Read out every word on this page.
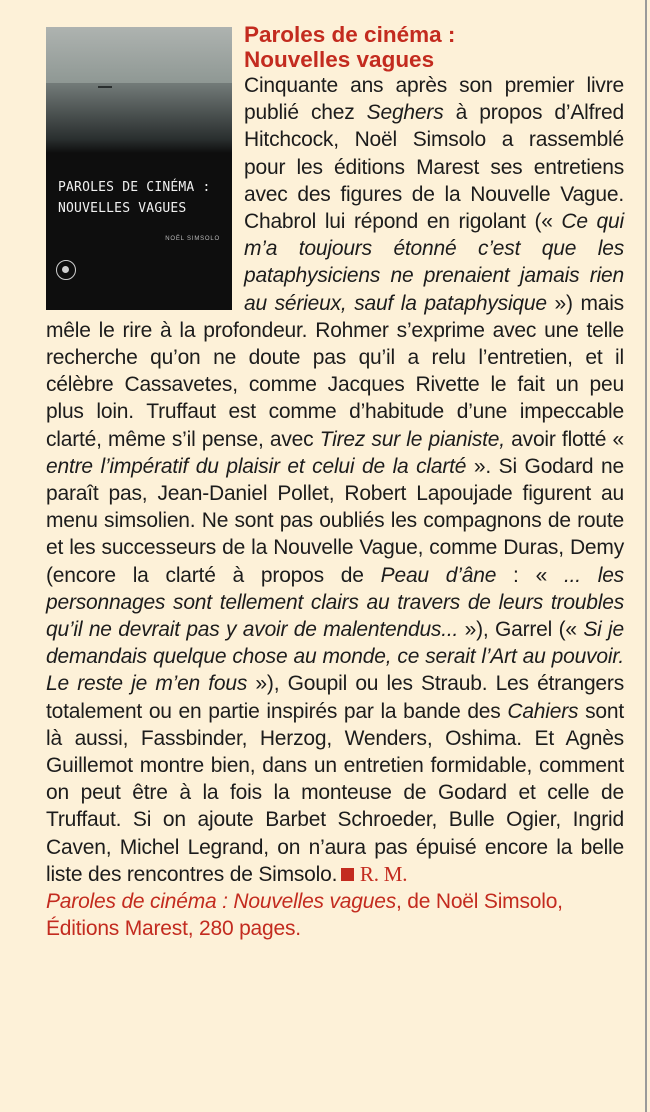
PAROLES DE CINÉMA :
NOUVELLES VAGUES
NOËL SIMSOLO
Paroles de cinéma :
Nouvelles vagues

Cinquante ans après son premier livre publié chez Seghers à propos d’Alfred Hitchcock, Noël Simsolo a rassemblé pour les éditions Marest ses entretiens avec des figures de la Nouvelle Vague. Chabrol lui répond en rigolant (« Ce qui m’a toujours étonné c’est que les pataphysiciens ne prenaient jamais rien au sérieux, sauf la pataphysique ») mais mêle le rire à la profondeur. Rohmer s’exprime avec une telle recherche qu’on ne doute pas qu’il a relu l’entretien, et il célèbre Cassavetes, comme Jacques Rivette le fait un peu plus loin. Truffaut est comme d’habitude d’une impeccable clarté, même s’il pense, avec Tirez sur le pianiste, avoir flotté « entre l’impératif du plaisir et celui de la clarté ». Si Godard ne paraît pas, Jean-Daniel Pollet, Robert Lapoujade figurent au menu simsolien. Ne sont pas oubliés les compagnons de route et les successeurs de la Nouvelle Vague, comme Duras, Demy (encore la clarté à propos de Peau d’âne : « ... les personnages sont tellement clairs au travers de leurs troubles qu’il ne devrait pas y avoir de malentendus... »), Garrel (« Si je demandais quelque chose au monde, ce serait l’Art au pouvoir. Le reste je m’en fous »), Goupil ou les Straub. Les étrangers totalement ou en partie inspirés par la bande des Cahiers sont là aussi, Fassbinder, Herzog, Wenders, Oshima. Et Agnès Guillemot montre bien, dans un entretien formidable, comment on peut être à la fois la monteuse de Godard et celle de Truffaut. Si on ajoute Barbet Schroeder, Bulle Ogier, Ingrid Caven, Michel Legrand, on n’aura pas épuisé encore la belle liste des rencontres de Simsolo. R. M.

Paroles de cinéma : Nouvelles vagues, de Noël Simsolo, Éditions Marest, 280 pages.
